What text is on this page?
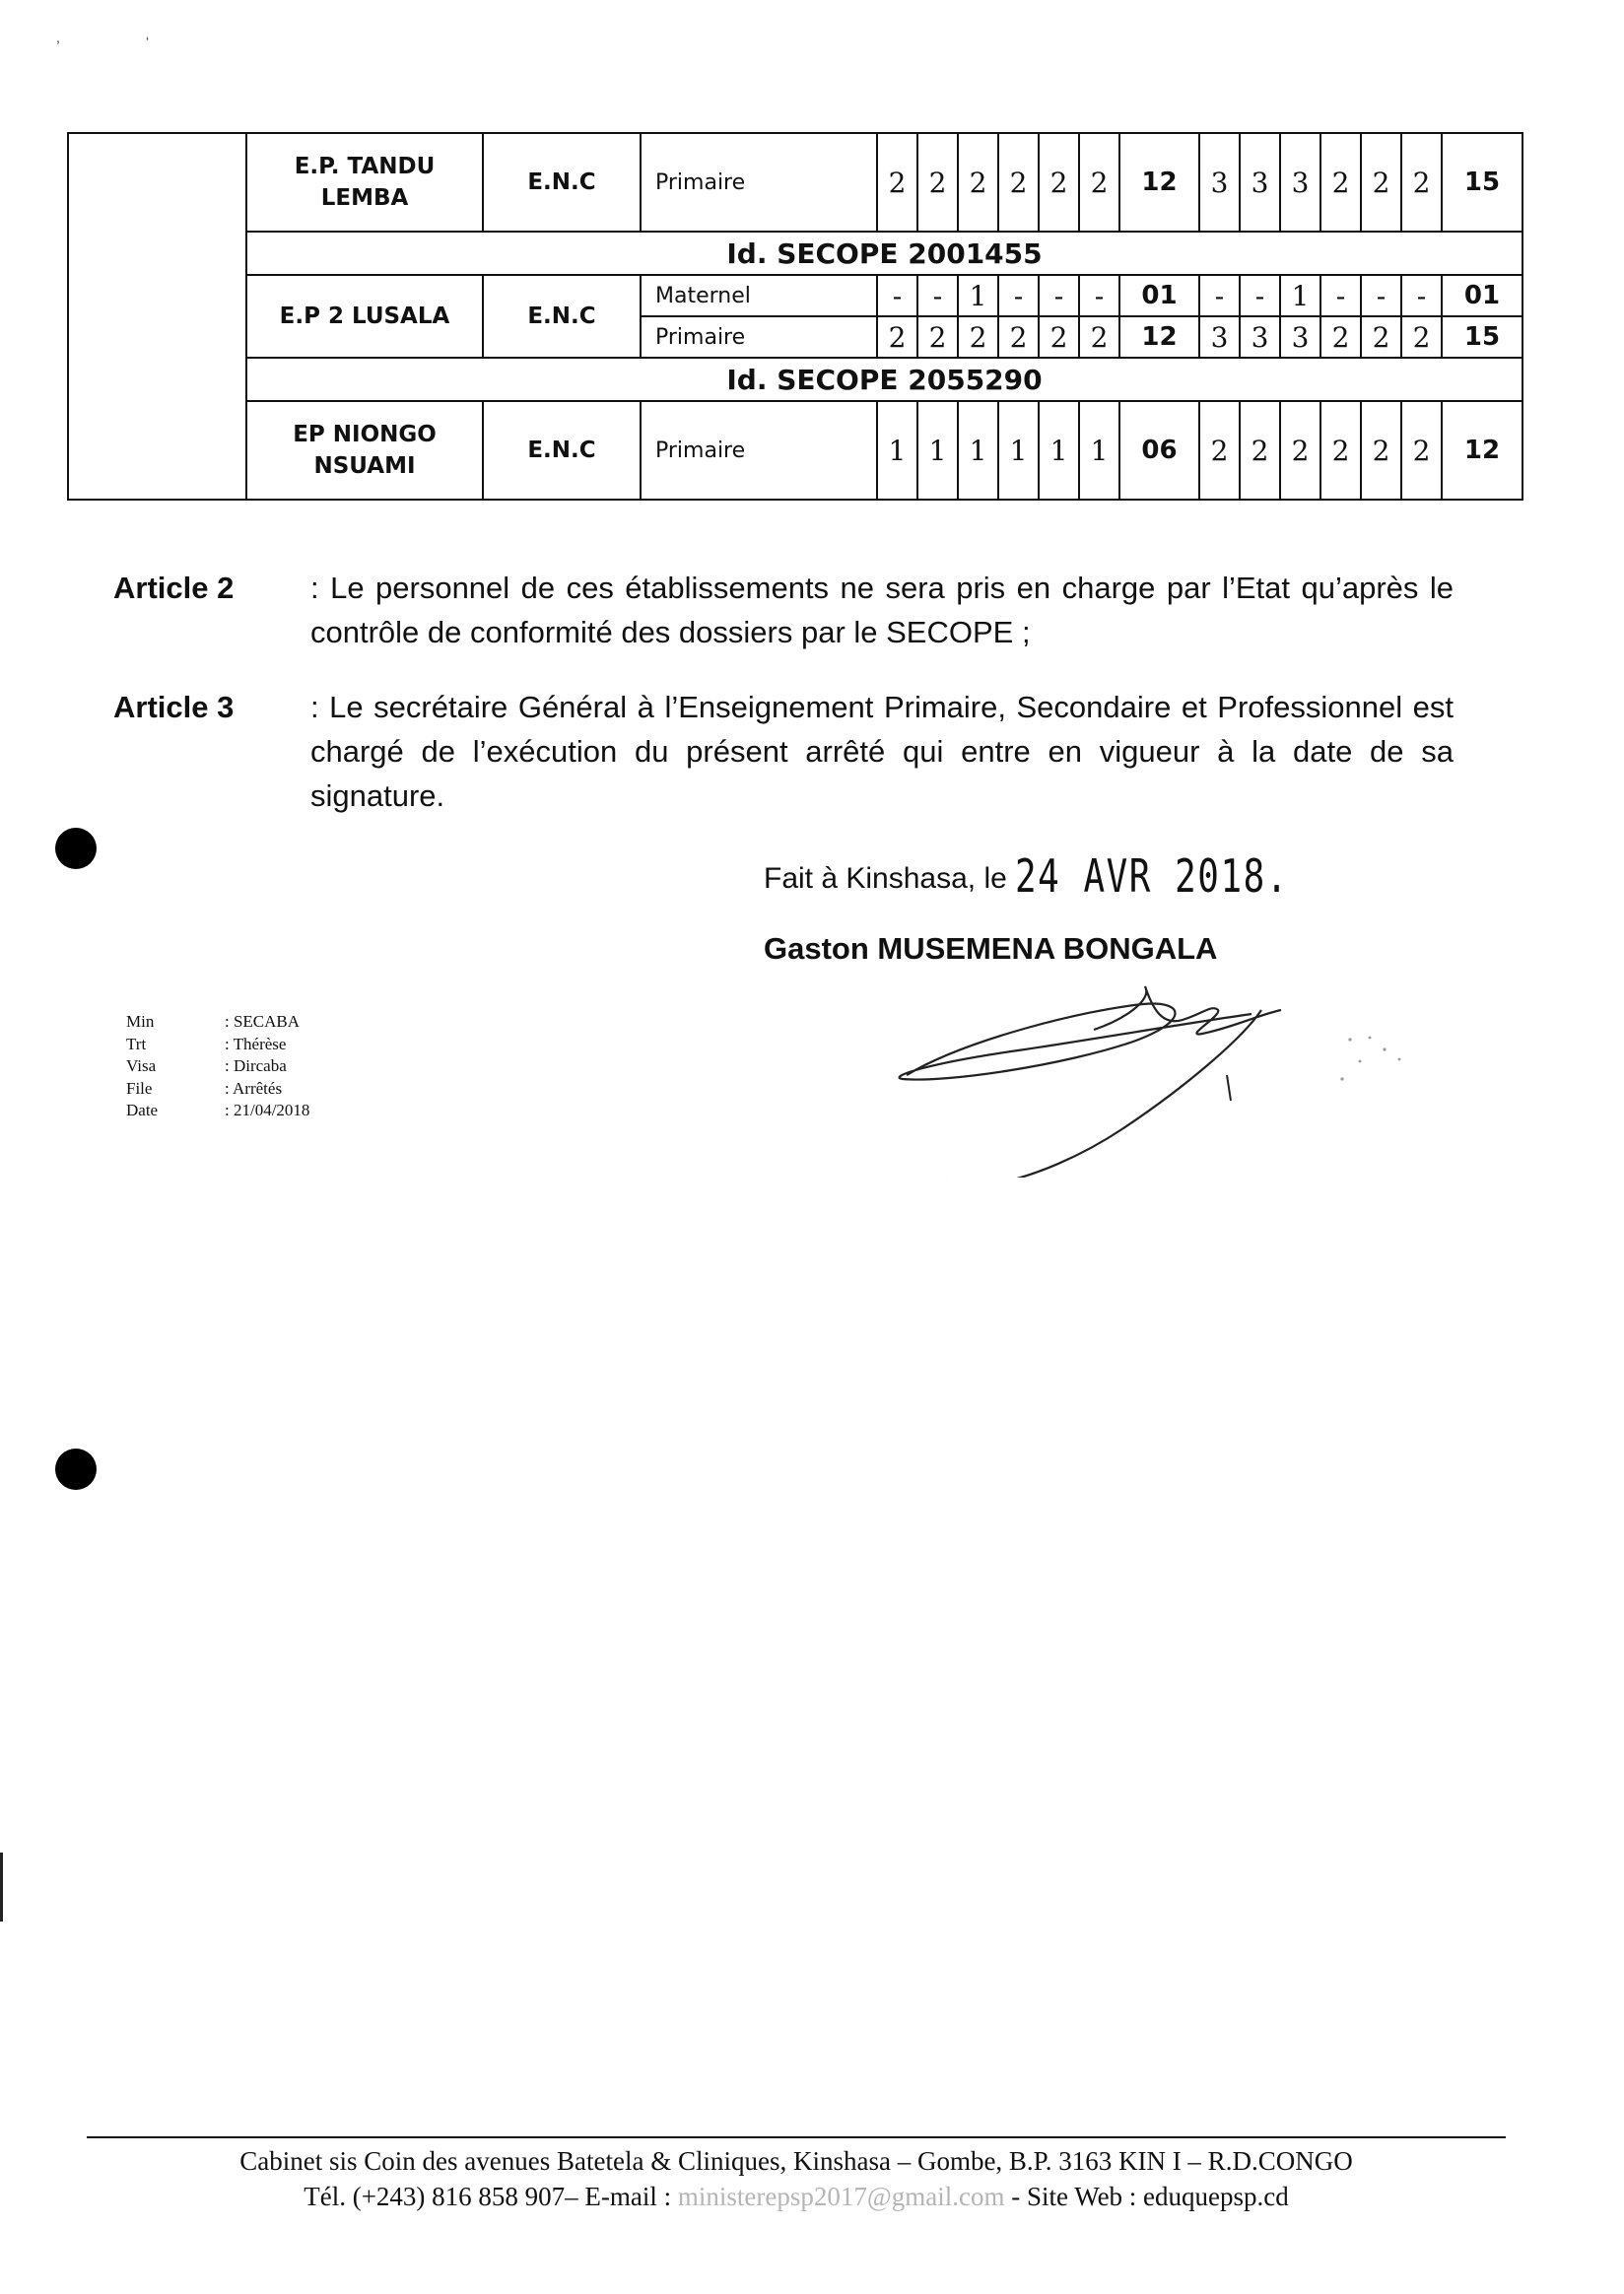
,	‘
	E.P. TANDU LEMBA	E.N.C	Primaire	2	2	2	2	2	2	12	3	3	3	2	2	2	15
	Id. SECOPE 2001455																
	E.P 2 LUSALA	E.N.C	Maternel	-	-	1	-	-	-	01	-	-	1	-	-	-	01
			Primaire	2	2	2	2	2	2	12	3	3	3	2	2	2	15
	Id. SECOPE 2055290																
	EP NIONGO NSUAMI	E.N.C	Primaire	1	1	1	1	1	1	06	2	2	2	2	2	2	12
Article 2	: Le personnel de ces établissements ne sera pris en charge par l’Etat qu’après le contrôle de conformité des dossiers par le SECOPE ;
Article 3	: Le secrétaire Général à l’Enseignement Primaire, Secondaire et Professionnel est chargé de l’exécution du présent arrêté qui entre en vigueur à la date de sa signature.
Fait à Kinshasa, le 24 AVR 2018.
Gaston MUSEMENA BONGALA
Min	: SECABA
Trt	: Thérèse
Visa	: Dircaba
File	: Arrêtés
Date	: 21/04/2018
Cabinet sis Coin des avenues Batetela & Cliniques, Kinshasa – Gombe, B.P. 3163 KIN I – R.D.CONGO
Tél. (+243) 816 858 907– E-mail : ministerepsp2017@gmail.com - Site Web : eduquepsp.cd
